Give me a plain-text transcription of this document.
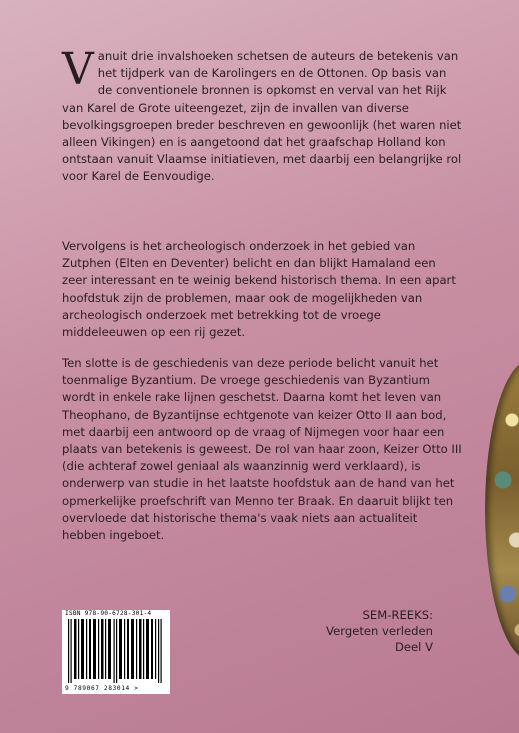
Vanuit drie invalshoeken schetsen de auteurs de betekenis van het tijdperk van de Karolingers en de Ottonen. Op basis van de conventionele bronnen is opkomst en verval van het Rijk van Karel de Grote uiteengezet, zijn de invallen van diverse bevolkingsgroepen breder beschreven en gewoonlijk (het waren niet alleen Vikingen) en is aangetoond dat het graafschap Holland kon ontstaan vanuit Vlaamse initiatieven, met daarbij een belangrijke rol voor Karel de Eenvoudige.

Vervolgens is het archeologisch onderzoek in het gebied van Zutphen (Elten en Deventer) belicht en dan blijkt Hamaland een zeer interessant en te weinig bekend historisch thema. In een apart hoofdstuk zijn de problemen, maar ook de mogelijkheden van archeologisch onderzoek met betrekking tot de vroege middeleeuwen op een rij gezet.

Ten slotte is de geschiedenis van deze periode belicht vanuit het toenmalige Byzantium. De vroege geschiedenis van Byzantium wordt in enkele rake lijnen geschetst. Daarna komt het leven van Theophano, de Byzantijnse echtgenote van keizer Otto II aan bod, met daarbij een antwoord op de vraag of Nijmegen voor haar een plaats van betekenis is geweest. De rol van haar zoon, Keizer Otto III (die achteraf zowel geniaal als waanzinnig werd verklaard), is onderwerp van studie in het laatste hoofdstuk aan de hand van het opmerkelijke proefschrift van Menno ter Braak. En daaruit blijkt ten overvloede dat historische thema's vaak niets aan actualiteit hebben ingeboet.

ISBN 978-90-6728-301-4
9 789067 283014 >
SEM-REEKS:
Vergeten verleden
Deel V
